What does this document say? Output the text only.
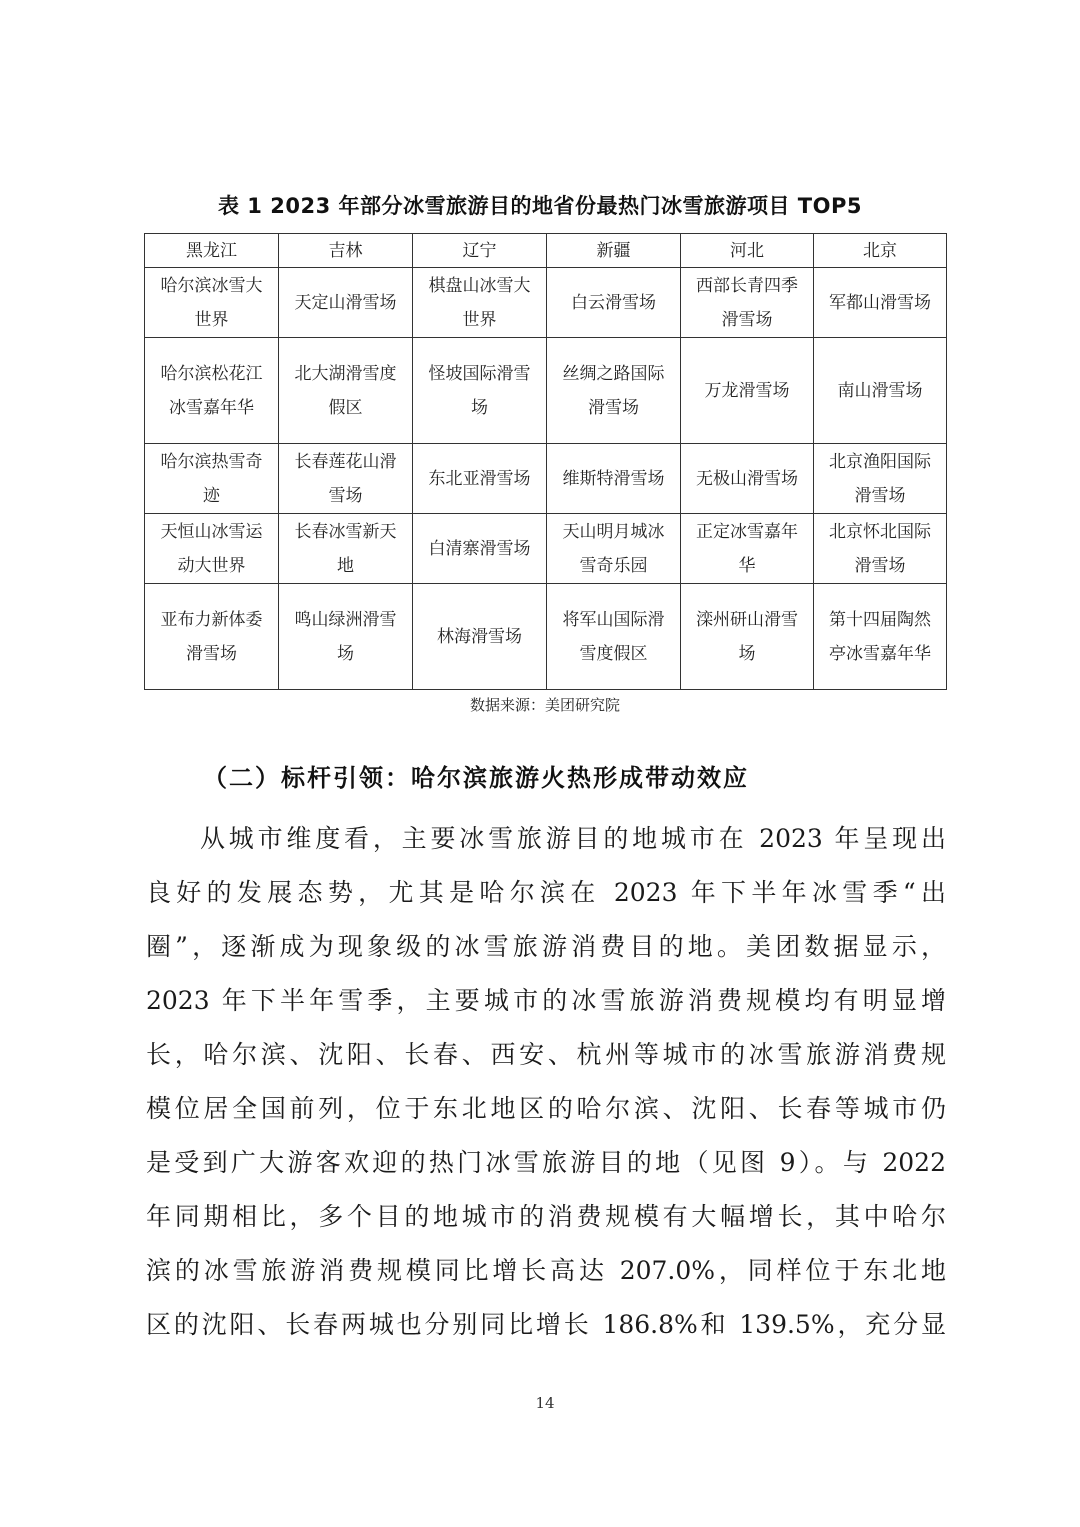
表 1 2023 年部分冰雪旅游目的地省份最热门冰雪旅游项目 TOP5
黑龙江	吉林	辽宁	新疆	河北	北京
哈尔滨冰雪大世界	天定山滑雪场	棋盘山冰雪大世界	白云滑雪场	西部长青四季滑雪场	军都山滑雪场
哈尔滨松花江冰雪嘉年华	北大湖滑雪度假区	怪坡国际滑雪场	丝绸之路国际滑雪场	万龙滑雪场	南山滑雪场
哈尔滨热雪奇迹	长春莲花山滑雪场	东北亚滑雪场	维斯特滑雪场	无极山滑雪场	北京渔阳国际滑雪场
天恒山冰雪运动大世界	长春冰雪新天地	白清寨滑雪场	天山明月城冰雪奇乐园	正定冰雪嘉年华	北京怀北国际滑雪场
亚布力新体委滑雪场	鸣山绿洲滑雪场	林海滑雪场	将军山国际滑雪度假区	滦州研山滑雪场	第十四届陶然亭冰雪嘉年华
数据来源：美团研究院
（二）标杆引领：哈尔滨旅游火热形成带动效应

从城市维度看，主要冰雪旅游目的地城市在 2023 年呈现出
良好的发展态势，尤其是哈尔滨在 2023 年下半年冰雪季“出
圈”，逐渐成为现象级的冰雪旅游消费目的地。美团数据显示，
2023 年下半年雪季，主要城市的冰雪旅游消费规模均有明显增
长，哈尔滨、沈阳、长春、西安、杭州等城市的冰雪旅游消费规
模位居全国前列，位于东北地区的哈尔滨、沈阳、长春等城市仍
是受到广大游客欢迎的热门冰雪旅游目的地（见图 9）。与 2022
年同期相比，多个目的地城市的消费规模有大幅增长，其中哈尔
滨的冰雪旅游消费规模同比增长高达 207.0%，同样位于东北地
区的沈阳、长春两城也分别同比增长 186.8%和 139.5%，充分显

14
